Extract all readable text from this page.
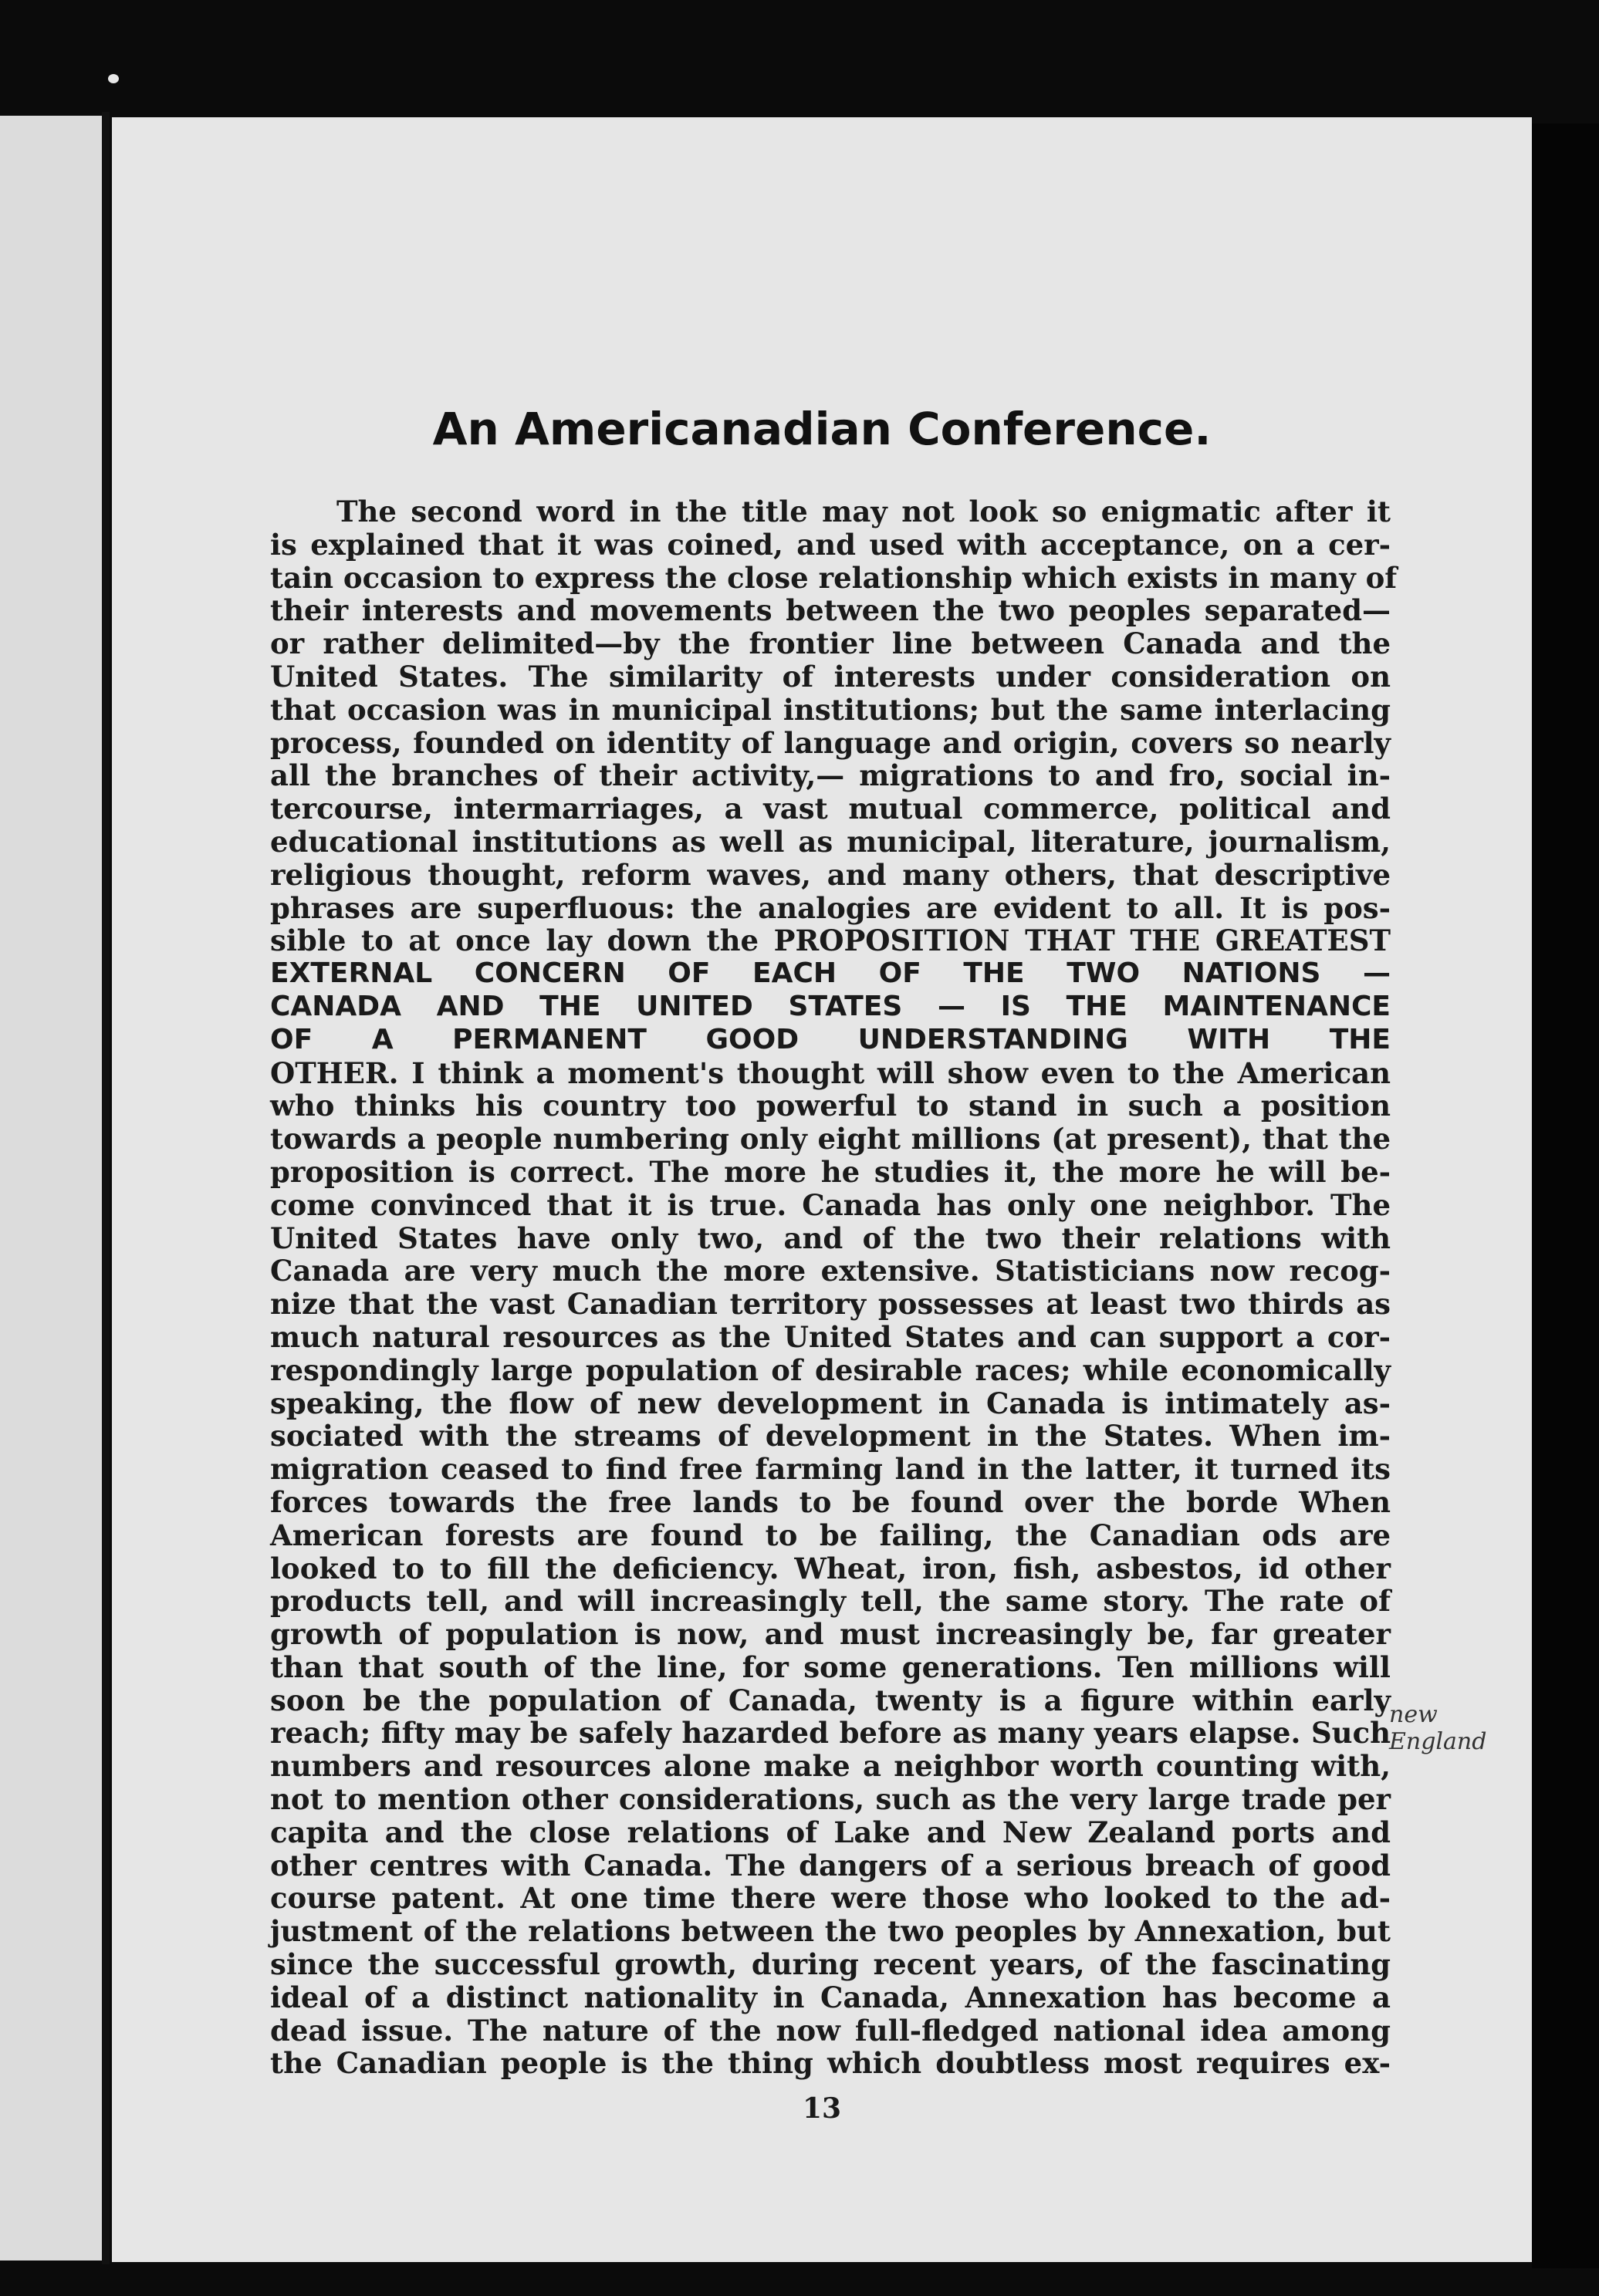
An Americanadian Conference.
The second word in the title may not look so enigmatic after it
is explained that it was coined, and used with acceptance, on a cer-
tain occasion to express the close relationship which exists in many of
their interests and movements between the two peoples separated—
or rather delimited—by the frontier line between Canada and the
United States. The similarity of interests under consideration on
that occasion was in municipal institutions; but the same interlacing
process, founded on identity of language and origin, covers so nearly
all the branches of their activity,— migrations to and fro, social in-
tercourse, intermarriages, a vast mutual commerce, political and
educational institutions as well as municipal, literature, journalism,
religious thought, reform waves, and many others, that descriptive
phrases are superfluous: the analogies are evident to all. It is pos-
sible to at once lay down the PROPOSITION THAT THE GREATEST
EXTERNAL CONCERN OF EACH OF THE TWO NATIONS —
CANADA AND THE UNITED STATES — IS THE MAINTENANCE
OF A PERMANENT GOOD UNDERSTANDING WITH THE
OTHER. I think a moment's thought will show even to the American
who thinks his country too powerful to stand in such a position
towards a people numbering only eight millions (at present), that the
proposition is correct. The more he studies it, the more he will be-
come convinced that it is true. Canada has only one neighbor. The
United States have only two, and of the two their relations with
Canada are very much the more extensive. Statisticians now recog-
nize that the vast Canadian territory possesses at least two thirds as
much natural resources as the United States and can support a cor-
respondingly large population of desirable races; while economically
speaking, the flow of new development in Canada is intimately as-
sociated with the streams of development in the States. When im-
migration ceased to find free farming land in the latter, it turned its
forces towards the free lands to be found over the borde When
American forests are found to be failing, the Canadian ods are
looked to to fill the deficiency. Wheat, iron, fish, asbestos, id other
products tell, and will increasingly tell, the same story. The rate of
growth of population is now, and must increasingly be, far greater
than that south of the line, for some generations. Ten millions will
soon be the population of Canada, twenty is a figure within early
reach; fifty may be safely hazarded before as many years elapse. Such
numbers and resources alone make a neighbor worth counting with,
not to mention other considerations, such as the very large trade per
capita and the close relations of Lake and New Zealand ports and
other centres with Canada. The dangers of a serious breach of good
course patent. At one time there were those who looked to the ad-
justment of the relations between the two peoples by Annexation, but
since the successful growth, during recent years, of the fascinating
ideal of a distinct nationality in Canada, Annexation has become a
dead issue. The nature of the now full-fledged national idea among
the Canadian people is the thing which doubtless most requires ex-

13

new
England
